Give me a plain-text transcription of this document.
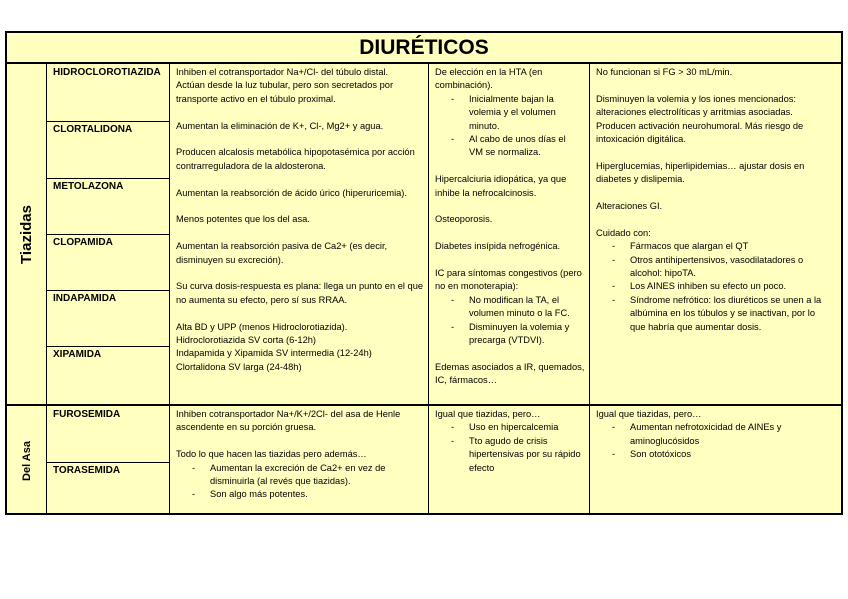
DIURÉTICOS
Tiazidas
Del Asa
HIDROCLOROTIAZIDA
CLORTALIDONA
METOLAZONA
CLOPAMIDA
INDAPAMIDA
XIPAMIDA
FUROSEMIDA
TORASEMIDA

Inhiben el cotransportador Na+/Cl- del túbulo distal.

Actúan desde la luz tubular, pero son secretados por transporte activo en el túbulo proximal.

Aumentan la eliminación de K+, Cl-, Mg2+ y agua.

Producen alcalosis metabólica hipopotasémica por acción contrarreguladora de la aldosterona.

Aumentan la reabsorción de ácido úrico (hiperuricemia).

Menos potentes que los del asa.

Aumentan la reabsorción pasiva de Ca2+ (es decir, disminuyen su excreción).

Su curva dosis-respuesta es plana: llega un punto en el que no aumenta su efecto, pero sí sus RRAA.

Alta BD y UPP (menos Hidroclorotiazida).

Hidroclorotiazida SV corta (6-12h)

Indapamida y Xipamida SV intermedia (12-24h)

Clortalidona SV larga (24-48h)

De elección en la HTA (en combinación).

- Inicialmente bajan la volemia y el volumen minuto.
- Al cabo de unos días el VM se normaliza.

Hipercalciuria idiopática, ya que inhibe la nefrocalcinosis.

Osteoporosis.

Diabetes insípida nefrogénica.

IC para síntomas congestivos (pero no en monoterapia):

- No modifican la TA, el volumen minuto o la FC.
- Disminuyen la volemia y precarga (VTDVI).

Edemas asociados a IR, quemados, IC, fármacos…

No funcionan si FG > 30 mL/min.

Disminuyen la volemia y los iones mencionados: alteraciones electrolíticas y arritmias asociadas.

Producen activación neurohumoral. Más riesgo de intoxicación digitálica.

Hiperglucemias, hiperlipidemias… ajustar dosis en diabetes y dislipemia.

Alteraciones GI.

Cuidado con:

- Fármacos que alargan el QT
- Otros antihipertensivos, vasodilatadores o alcohol: hipoTA.
- Los AINES inhiben su efecto un poco.
- Síndrome nefrótico: los diuréticos se unen a la albúmina en los túbulos y se inactivan, por lo que habría que aumentar dosis.

Inhiben cotransportador Na+/K+/2Cl- del asa de Henle ascendente en su porción gruesa.

Todo lo que hacen las tiazidas pero además…

- Aumentan la excreción de Ca2+ en vez de disminuirla (al revés que tiazidas).
- Son algo más potentes.

Igual que tiazidas, pero…

- Uso en hipercalcemia
- Tto agudo de crisis hipertensivas por su rápido efecto

Igual que tiazidas, pero…

- Aumentan nefrotoxicidad de AINEs y aminoglucósidos
- Son ototóxicos
